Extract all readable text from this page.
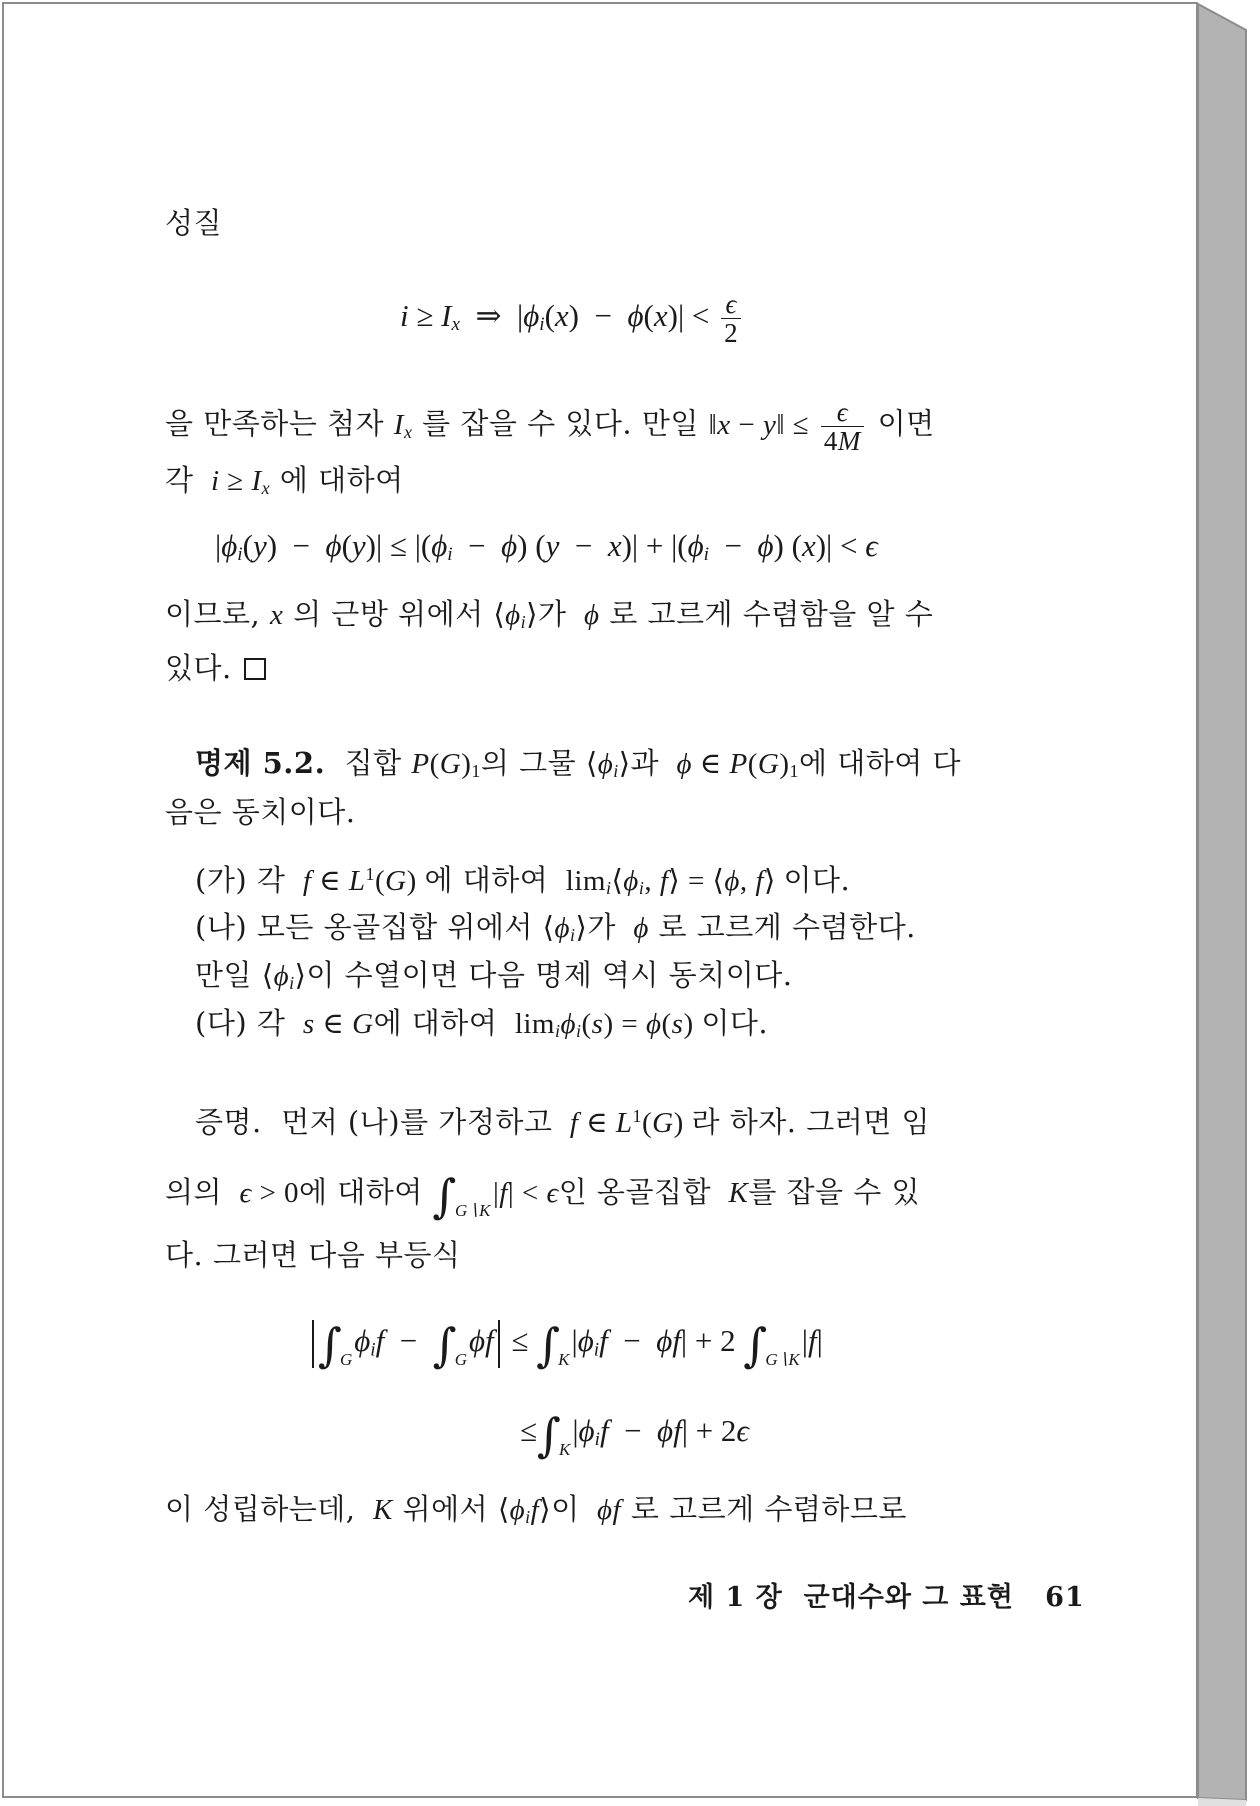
성질
$i \ge I_x$  ⇒  $|\phi_i(x) - \phi(x)| < \frac{\epsilon}{2}$
을 만족하는 첨자 $I_x$ 를 잡을 수 있다. 만일 ‖x − y‖ ≤ $\frac{\epsilon}{4M}$ 이면
각 $i \ge I_x$ 에 대하여
$|\phi_i(y) - \phi(y)| \le |(\phi_i - \phi) (y - x)| + |(\phi_i - \phi) (x)| < \epsilon$
이므로, x 의 근방 위에서 $⟨\phi_i⟩$가 ϕ 로 고르게 수렴함을 알 수
있다.
명제 5.2. 집합 $P(G)_1$의 그물 $⟨\phi_i⟩$과 ϕ ∈ $P(G)_1$에 대하여 다
음은 동치이다.
(가) 각 f ∈ $L^1(G)$ 에 대하여  $\lim_i⟨\phi_i$, f⟩ = ⟨ϕ, f⟩ 이다.
(나) 모든 옹골집합 위에서 $⟨\phi_i⟩$가 ϕ 로 고르게 수렴한다.
만일 $⟨\phi_i⟩$이 수열이면 다음 명제 역시 동치이다.
(다) 각 s ∈ G에 대하여  $\lim_i\phi_i(s) = \phi(s)$ 이다.
증명. 먼저 (나)를 가정하고 f ∈ $L^1(G)$ 라 하자. 그러면 임
의의 ϵ > 0에 대하여 $\int_{G∖K}|f| < \epsilon$인 옹골집합 K를 잡을 수 있
다. 그러면 다음 부등식
$\int_G\phi_if - \int_G\phi f \le \int_K|\phi_if - \phi f| + 2$ $\int_{G∖K}|f|$
$\le\int_K|\phi_if - \phi f| + 2\epsilon$
이 성립하는데, K 위에서 $⟨\phi_if⟩$이 ϕf 로 고르게 수렴하므로
제 1 장 군대수와 그 표현 61
